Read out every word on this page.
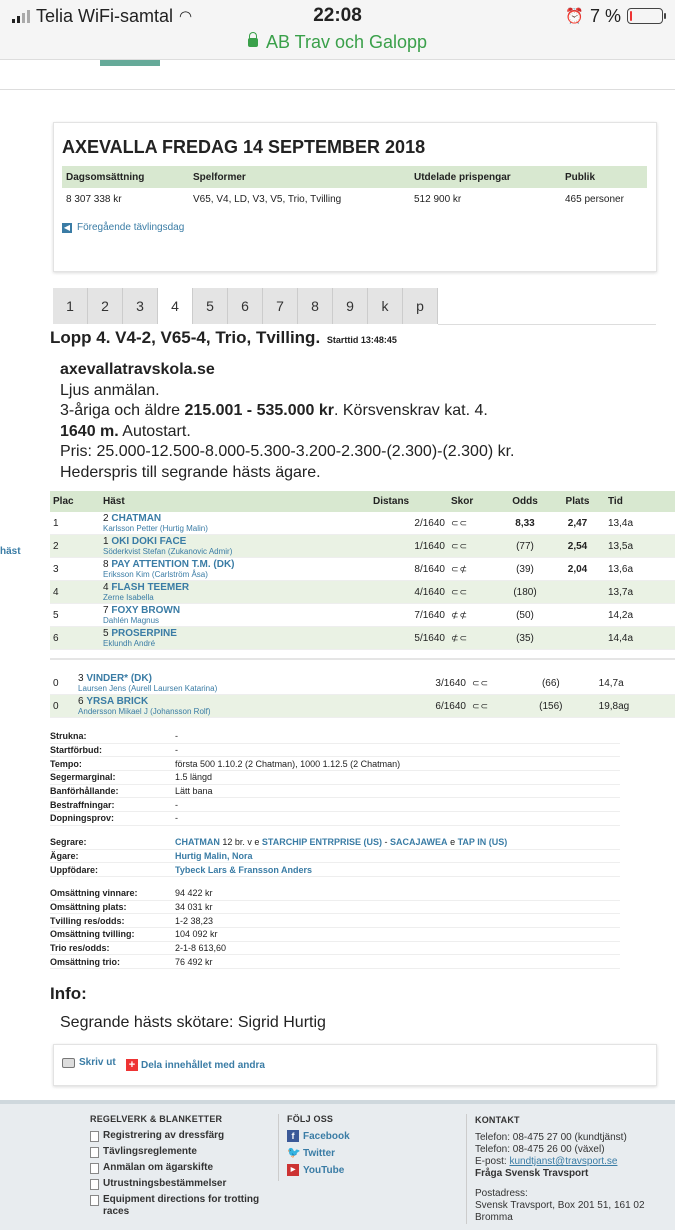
Telia WiFi-samtal ◠	22:08	⏰ 7 %
AB Trav och Galopp
häst
AXEVALLA FREDAG 14 SEPTEMBER 2018
Dagsomsättning	Spelformer	Utdelade prispengar	Publik
8 307 338 kr	V65, V4, LD, V3, V5, Trio, Tvilling	512 900 kr	465 personer
◀ Föregående tävlingsdag
1	2	3	4	5	6	7	8	9	k	p
Lopp 4. V4-2, V65-4, Trio, Tvilling. Starttid 13:48:45
axevallatravskola.se
Ljus anmälan.
3-åriga och äldre 215.001 - 535.000 kr. Körsvenskrav kat. 4.
1640 m. Autostart.
Pris: 25.000-12.500-8.000-5.300-3.200-2.300-(2.300)-(2.300) kr.
Hederspris till segrande hästs ägare.
Plac	Häst	Distans	Skor	Odds	Plats	Tid
1	2 CHATMAN
Karlsson Petter (Hurtig Malin)	2/1640	⊂⊂	8,33	2,47	13,4a
2	1 OKI DOKI FACE
Söderkvist Stefan (Zukanovic Admir)	1/1640	⊂⊂	(77)	2,54	13,5a
3	8 PAY ATTENTION T.M. (DK)
Eriksson Kim (Carlström Åsa)	8/1640	⊂⊄	(39)	2,04	13,6a
4	4 FLASH TEEMER
Zerne Isabella	4/1640	⊂⊂	(180)		13,7a
5	7 FOXY BROWN
Dahlén Magnus	7/1640	⊄⊄	(50)		14,2a
6	5 PROSERPINE
Eklundh André	5/1640	⊄⊂	(35)		14,4a
0	3 VINDER* (DK)
Laursen Jens (Aurell Laursen Katarina)	3/1640	⊂⊂	(66)		14,7a
0	6 YRSA BRICK
Andersson Mikael J (Johansson Rolf)	6/1640	⊂⊂	(156)		19,8ag
Strukna:	-
Startförbud:	-
Tempo:	första 500 1.10.2 (2 Chatman), 1000 1.12.5 (2 Chatman)
Segermarginal:	1.5 längd
Banförhållande:	Lätt bana
Bestraffningar:	-
Dopningsprov:	-
Segrare:	CHATMAN 12 br. v e STARCHIP ENTRPRISE (US) - SACAJAWEA e TAP IN (US)
Ägare:	Hurtig Malin, Nora
Uppfödare:	Tybeck Lars & Fransson Anders
Omsättning vinnare:	94 422 kr
Omsättning plats:	34 031 kr
Tvilling res/odds:	1-2 38,23
Omsättning tvilling:	104 092 kr
Trio res/odds:	2-1-8 613,60
Omsättning trio:	76 492 kr
Info:
Segrande hästs skötare: Sigrid Hurtig
Skriv ut + Dela innehållet med andra
REGELVERK & BLANKETTER
Registrering av dressfärg
Tävlingsreglemente
Anmälan om ägarskifte
Utrustningsbestämmelser
Equipment directions for trotting races
FÖLJ OSS
f Facebook
🐦 Twitter
▶ YouTube
KONTAKT
Telefon: 08-475 27 00 (kundtjänst)
Telefon: 08-475 26 00 (växel)
E-post: kundtjanst@travsport.se
Fråga Svensk Travsport
Postadress:
Svensk Travsport, Box 201 51, 161 02
Bromma
